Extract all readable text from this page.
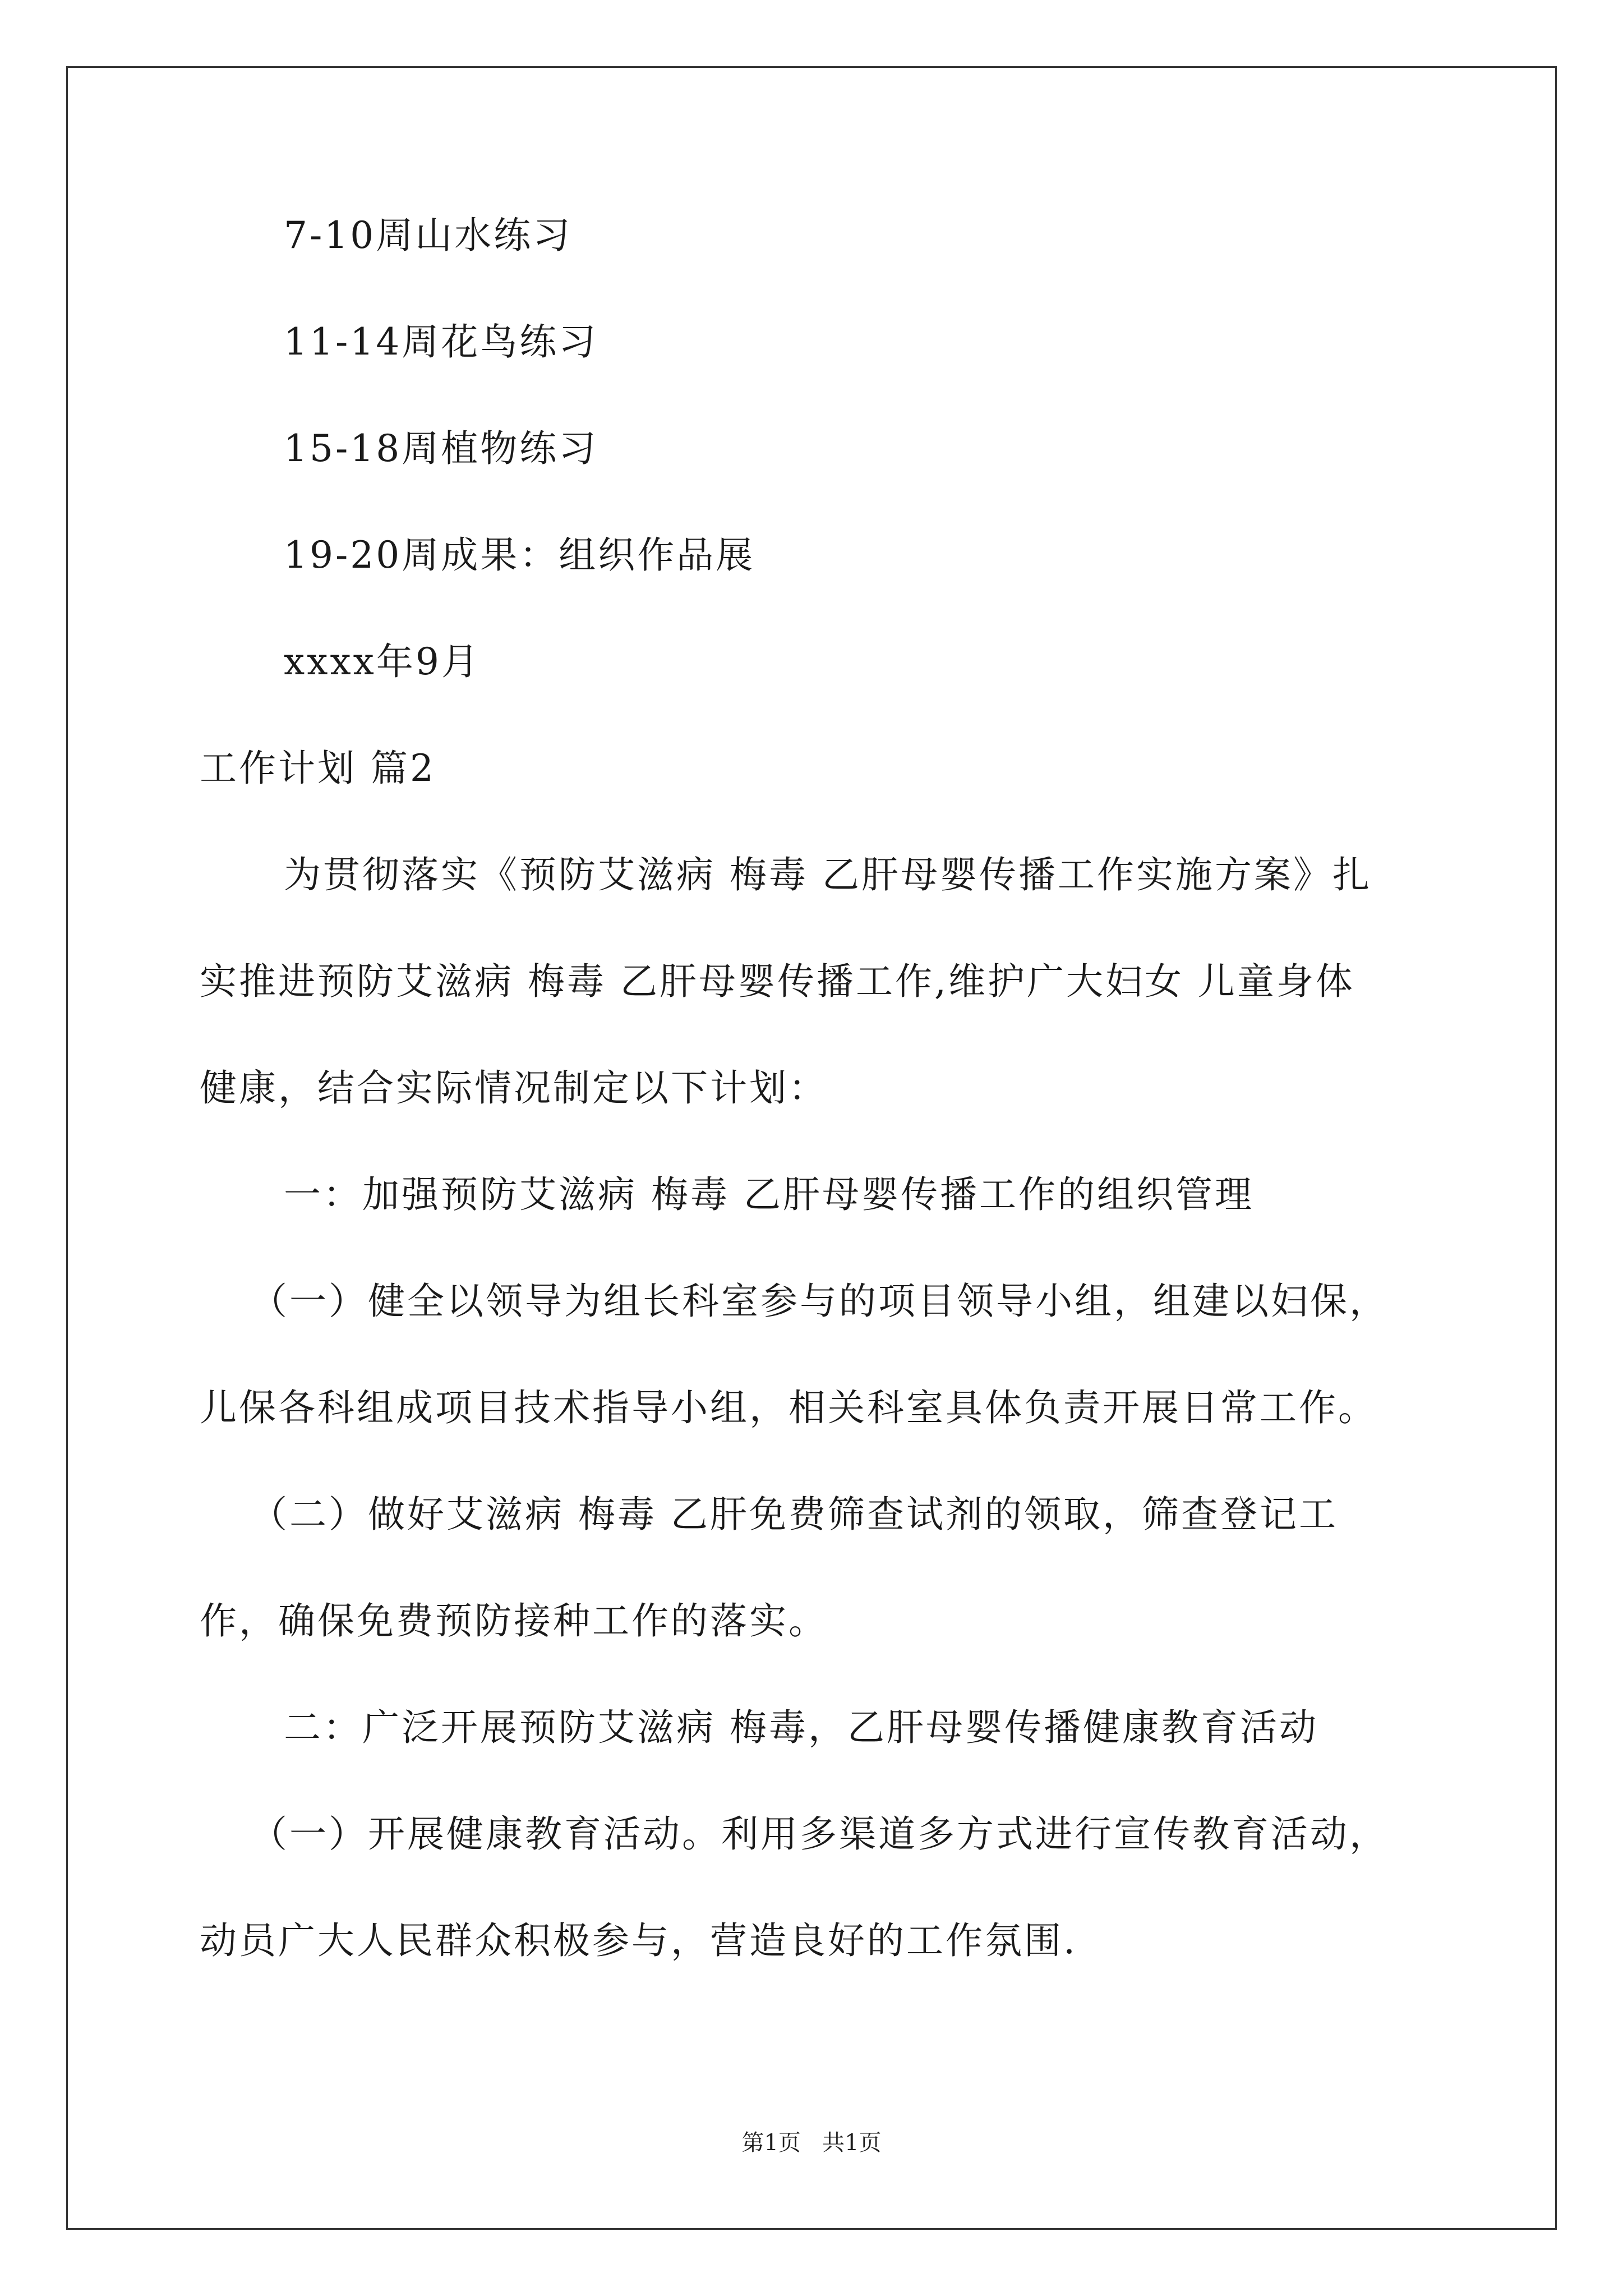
7-10周山水练习
11-14周花鸟练习
15-18周植物练习
19-20周成果：组织作品展
xxxx年9月
工作计划 篇2
为贯彻落实《预防艾滋病 梅毒 乙肝母婴传播工作实施方案》扎
实推进预防艾滋病 梅毒 乙肝母婴传播工作,维护广大妇女 儿童身体
健康，结合实际情况制定以下计划：
一：加强预防艾滋病 梅毒 乙肝母婴传播工作的组织管理
（一）健全以领导为组长科室参与的项目领导小组，组建以妇保，
儿保各科组成项目技术指导小组，相关科室具体负责开展日常工作。
（二）做好艾滋病 梅毒 乙肝免费筛查试剂的领取，筛查登记工
作，确保免费预防接种工作的落实。
二：广泛开展预防艾滋病 梅毒，乙肝母婴传播健康教育活动
（一）开展健康教育活动。利用多渠道多方式进行宣传教育活动，
动员广大人民群众积极参与，营造良好的工作氛围.
第1页   共1页
